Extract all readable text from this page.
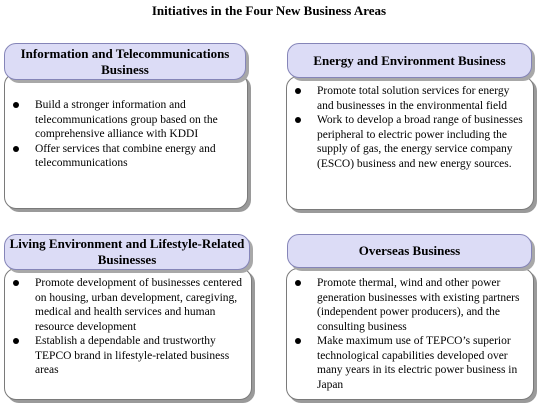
Initiatives in the Four New Business Areas
Build a stronger information and telecommunications group based on the comprehensive alliance with KDDI
Offer services that combine energy and telecommunications
Information and Telecommunications Business
Promote total solution services for energy and businesses in the environmental field
Work to develop a broad range of businesses peripheral to electric power including the supply of gas, the energy service company (ESCO) business and new energy sources.
Energy and Environment Business
Promote development of businesses centered on housing, urban development, caregiving, medical and health services and human resource development
Establish a dependable and trustworthy TEPCO brand in lifestyle-related business areas
Living Environment and Lifestyle-Related Businesses
Promote thermal, wind and other power generation businesses with existing partners (independent power producers), and the consulting business
Make maximum use of TEPCO’s superior technological capabilities developed over many years in its electric power business in Japan
Overseas Business
